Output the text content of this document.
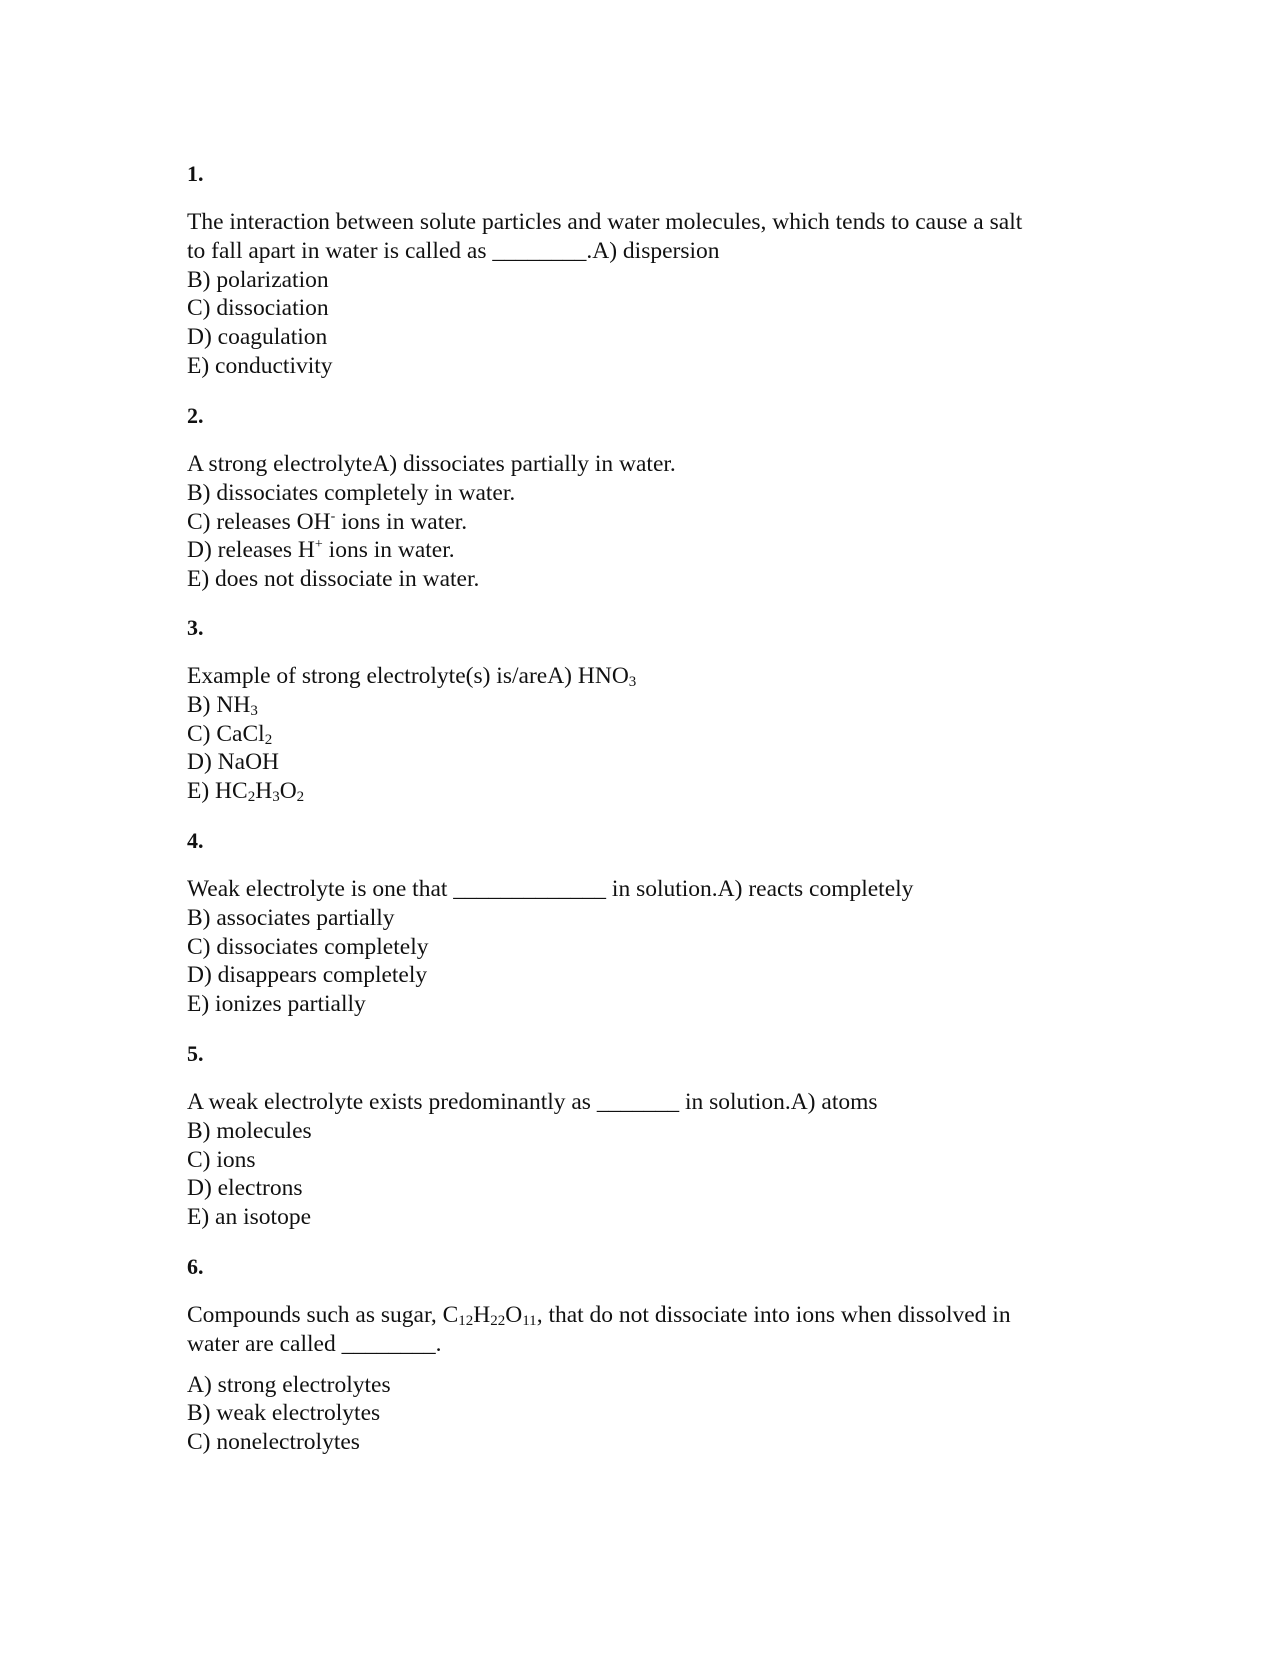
1.
The interaction between solute particles and water molecules, which tends to cause a salt
to fall apart in water is called as ________.A) dispersion
B) polarization
C) dissociation
D) coagulation
E) conductivity
2.
A strong electrolyteA) dissociates partially in water.
B) dissociates completely in water.
C) releases OH- ions in water.
D) releases H+ ions in water.
E) does not dissociate in water.
3.
Example of strong electrolyte(s) is/areA) $HNO_3$
B) $NH_3$
C) CaCl$_2$
D) NaOH
E) $HC_2H_3O_2$
4.
Weak electrolyte is one that _____________ in solution.A) reacts completely
B) associates partially
C) dissociates completely
D) disappears completely
E) ionizes partially
5.
A weak electrolyte exists predominantly as _______ in solution.A) atoms
B) molecules
C) ions
D) electrons
E) an isotope
6.
Compounds such as sugar, $C_{12}H_{22}O_{11}$, that do not dissociate into ions when dissolved in
water are called ________.
A) strong electrolytes
B) weak electrolytes
C) nonelectrolytes
